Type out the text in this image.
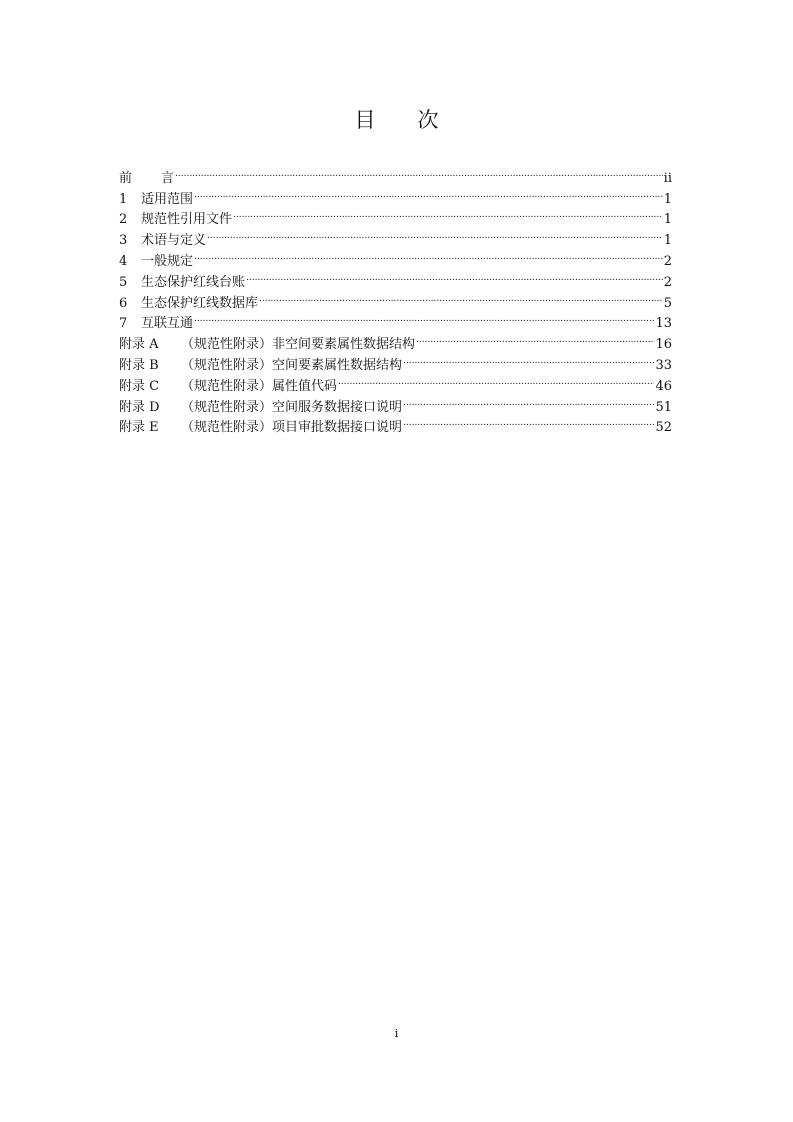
目 次
前	言 .....	ii
1	适用范围 .....	1
2	规范性引用文件 .....	1
3	术语与定义 .....	1
4	一般规定 .....	2
5	生态保护红线台账 .....	2
6	生态保护红线数据库 .....	5
7	互联互通 .....	13
附录 A	（规范性附录）非空间要素属性数据结构 .....	16
附录 B	（规范性附录）空间要素属性数据结构 .....	33
附录 C	（规范性附录）属性值代码 .....	46
附录 D	（规范性附录）空间服务数据接口说明 .....	51
附录 E	（规范性附录）项目审批数据接口说明 .....	52
i
